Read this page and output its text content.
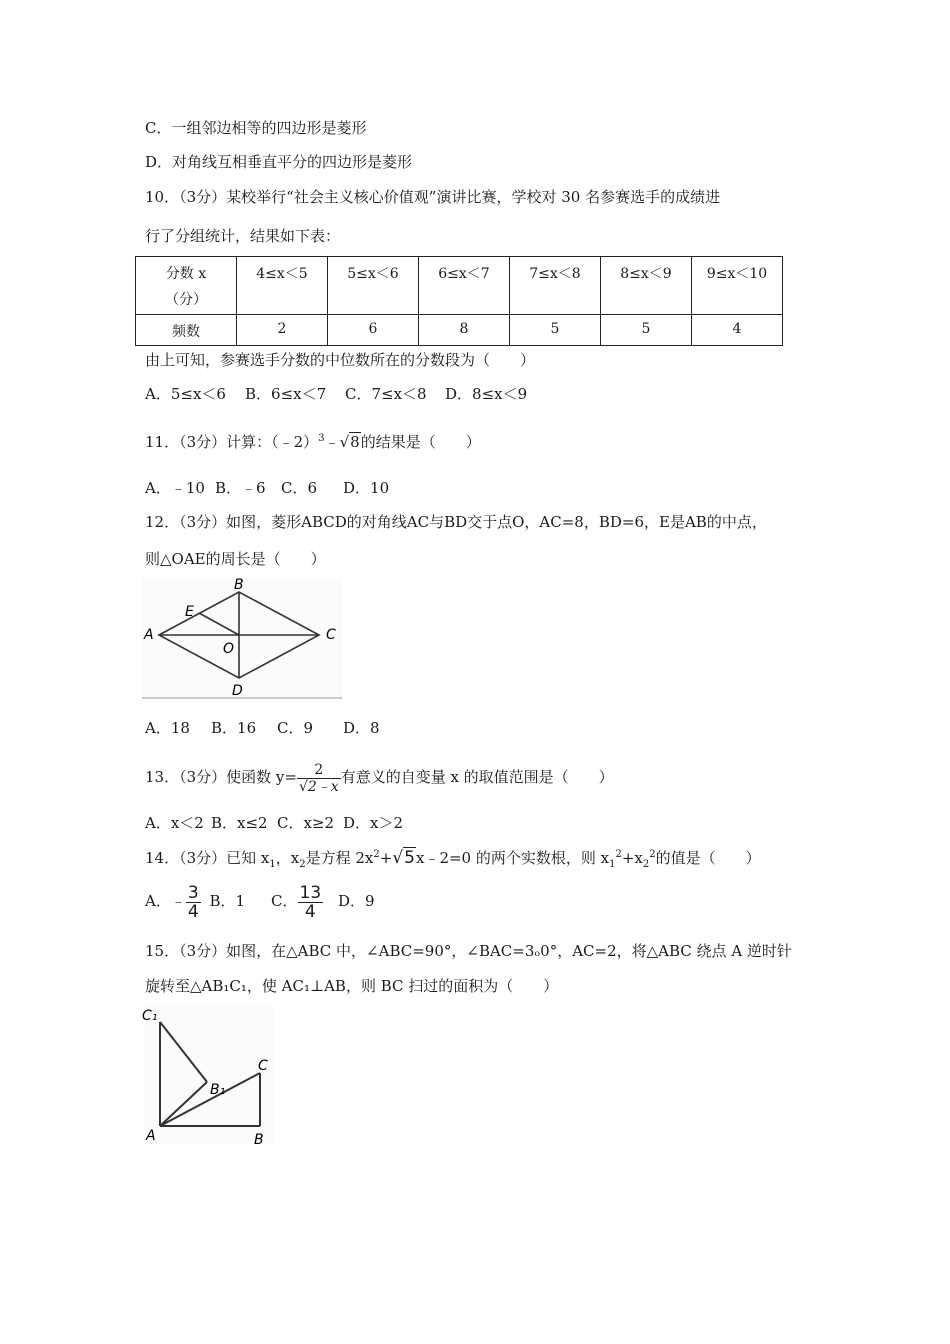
C．一组邻边相等的四边形是菱形
D．对角线互相垂直平分的四边形是菱形
10．（3分）某校举行“社会主义核心价值观”演讲比赛，学校对 30 名参赛选手的成绩进
行了分组统计，结果如下表：
分数 x
（分）	4≤x＜5	5≤x＜6	6≤x＜7	7≤x＜8	8≤x＜9	9≤x＜10
频数	2	6	8	5	5	4
由上可知，参赛选手分数的中位数所在的分数段为（　　）
A．5≤x＜6 B．6≤x＜7 C．7≤x＜8 D．8≤x＜9
11．（3分）计算：（﹣2）$^3$﹣√8的结果是（　　）
A．﹣10 B．﹣6 C．6 D．10
12．（3分）如图，菱形ABCD的对角线AC与BD交于点O，AC=8，BD=6，E是AB的中点，
则△OAE的周长是（　　）
A
B
C
D
E
O
A．18 B．16 C．9 D．8
13．（3分）使函数 $y= \frac{2}{√2﹣x}$ 有意义的自变量 x 的取值范围是（　　）
A．x＜2 B．x≤2 C．x≥2 D．x＞2
14．（3分）已知 $x_1$，$x_2$是方程 $2x^2+√5x﹣2=0$ 的两个实数根，则 $x_1^2+x_2^2$的值是（　　）
A．﹣ $\frac{3}{4}$ B．1 C． $\frac{13}{4}$ D．9
15．（3分）如图，在△ABC 中，∠ABC=90°，∠BAC=3ₒ0°，AC=2，将△ABC 绕点 A 逆时针
旋转至△AB₁C₁，使 AC₁⊥AB，则 BC 扫过的面积为（　　）
C₁
B₁
C
A	B
